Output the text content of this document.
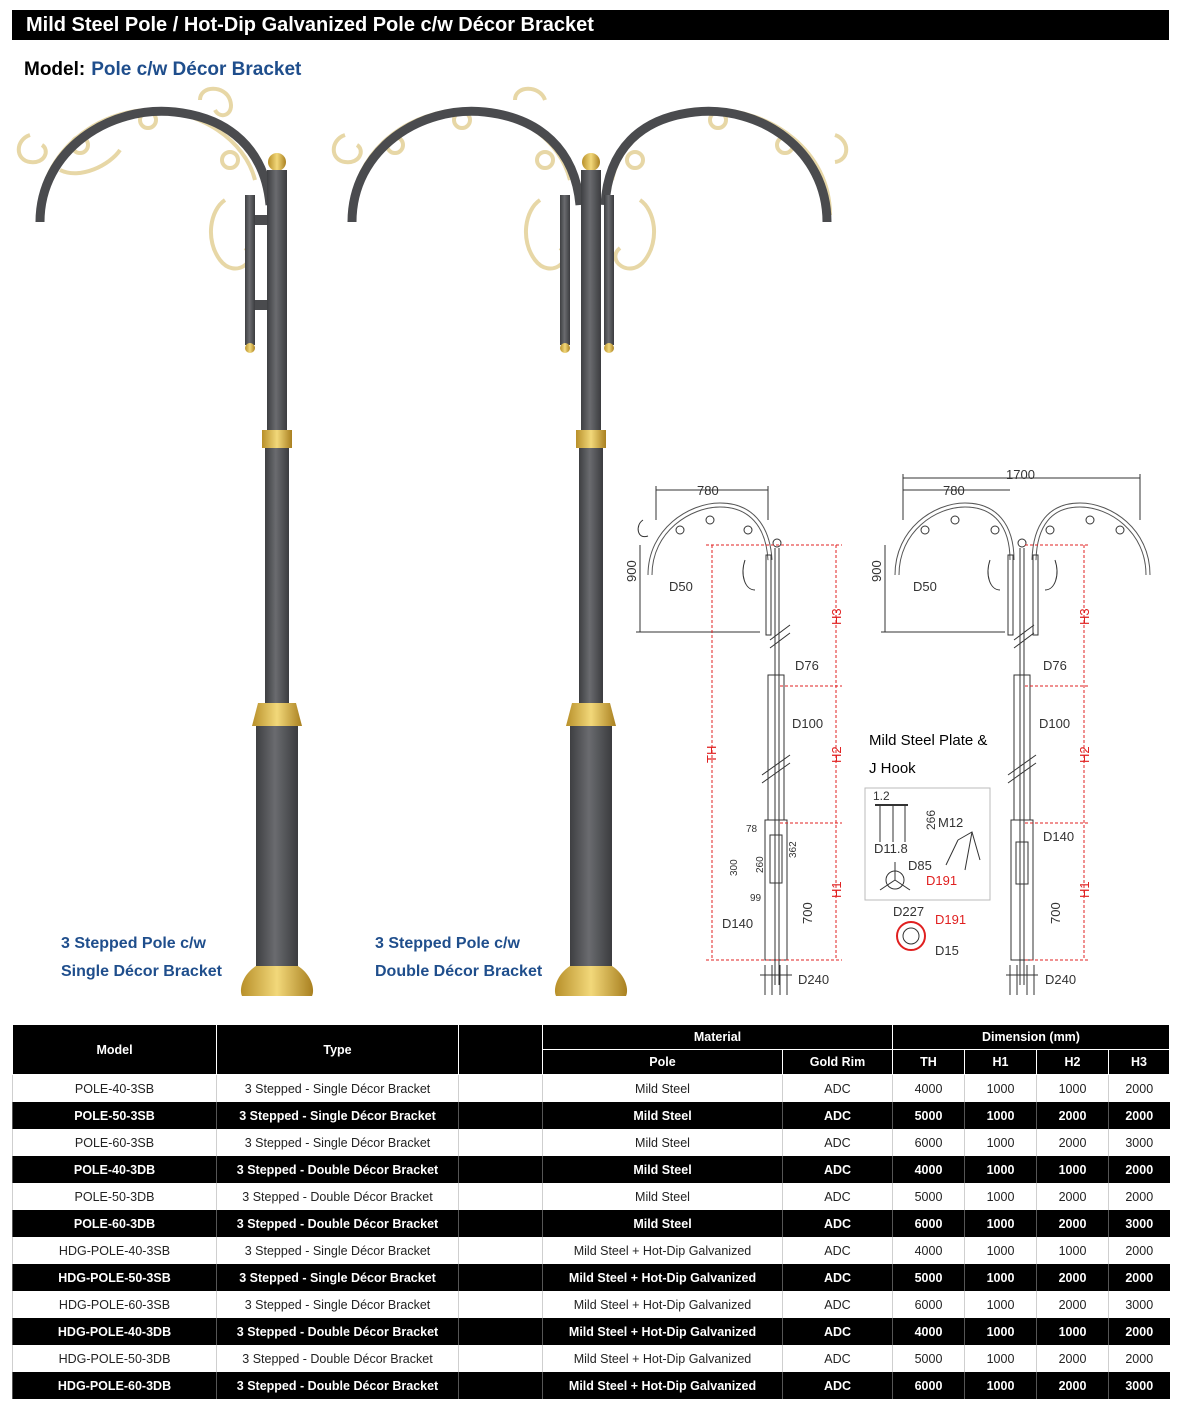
Mild Steel Pole / Hot-Dip Galvanized Pole c/w Décor Bracket
Model: Pole c/w Décor Bracket
3 Stepped Pole c/w
Single Décor Bracket
3 Stepped Pole c/w
Double Décor Bracket
780
900
D50
D76
D100
D140
D240
TH
H3
H2
H1
78
300 260
362
99
700
1700
780
900
D50
D76
D100
D140
D240
H3
H2
H1
700
1.2
266 M12
D11.8
D85
D191
D227
D191
D15
Mild Steel Plate &
J Hook
Model	Type		Material		Dimension (mm)			
			Pole	Gold Rim	TH	H1	H2	H3
POLE-40-3SB	3 Stepped - Single Décor Bracket		Mild Steel	ADC	4000	1000	1000	2000
POLE-50-3SB	3 Stepped - Single Décor Bracket		Mild Steel	ADC	5000	1000	2000	2000
POLE-60-3SB	3 Stepped - Single Décor Bracket		Mild Steel	ADC	6000	1000	2000	3000
POLE-40-3DB	3 Stepped - Double Décor Bracket		Mild Steel	ADC	4000	1000	1000	2000
POLE-50-3DB	3 Stepped - Double Décor Bracket		Mild Steel	ADC	5000	1000	2000	2000
POLE-60-3DB	3 Stepped - Double Décor Bracket		Mild Steel	ADC	6000	1000	2000	3000
HDG-POLE-40-3SB	3 Stepped - Single Décor Bracket		Mild Steel + Hot-Dip Galvanized	ADC	4000	1000	1000	2000
HDG-POLE-50-3SB	3 Stepped - Single Décor Bracket		Mild Steel + Hot-Dip Galvanized	ADC	5000	1000	2000	2000
HDG-POLE-60-3SB	3 Stepped - Single Décor Bracket		Mild Steel + Hot-Dip Galvanized	ADC	6000	1000	2000	3000
HDG-POLE-40-3DB	3 Stepped - Double Décor Bracket		Mild Steel + Hot-Dip Galvanized	ADC	4000	1000	1000	2000
HDG-POLE-50-3DB	3 Stepped - Double Décor Bracket		Mild Steel + Hot-Dip Galvanized	ADC	5000	1000	2000	2000
HDG-POLE-60-3DB	3 Stepped - Double Décor Bracket		Mild Steel + Hot-Dip Galvanized	ADC	6000	1000	2000	3000
